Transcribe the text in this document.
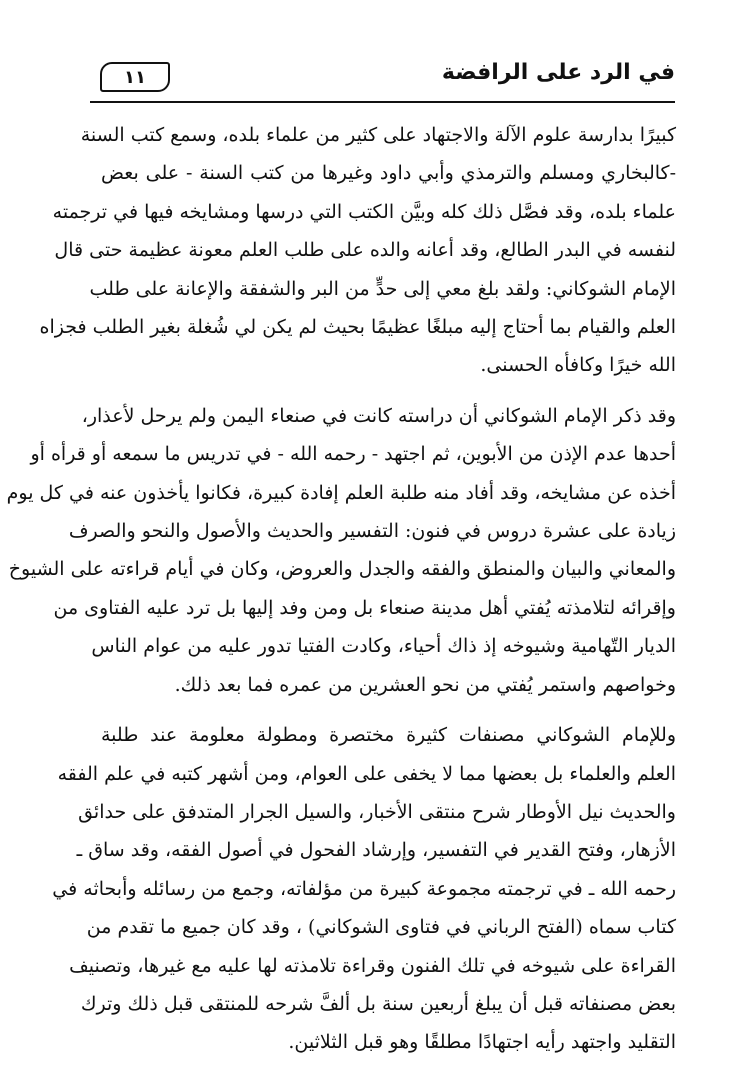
في الرد على الرافضة
١١

كبيرًا بدارسة علوم الآلة والاجتهاد على كثير من علماء بلده، وسمع كتب السنة
-كالبخاري ومسلم والترمذي وأبي داود وغيرها من كتب السنة - على بعض
علماء بلده، وقد فصَّل ذلك كله وبيَّن الكتب التي درسها ومشايخه فيها في ترجمته
لنفسه في البدر الطالع، وقد أعانه والده على طلب العلم معونة عظيمة حتى قال
الإمام الشوكاني: ولقد بلغ معي إلى حدٍّ من البر والشفقة والإعانة على طلب
العلم والقيام بما أحتاج إليه مبلغًا عظيمًا بحيث لم يكن لي شُغلة بغير الطلب فجزاه
الله خيرًا وكافأه الحسنى.

وقد ذكر الإمام الشوكاني أن دراسته كانت في صنعاء اليمن ولم يرحل لأعذار،
أحدها عدم الإذن من الأبوين، ثم اجتهد - رحمه الله - في تدريس ما سمعه أو قرأه أو
أخذه عن مشايخه، وقد أفاد منه طلبة العلم إفادة كبيرة، فكانوا يأخذون عنه في كل يوم
زيادة على عشرة دروس في فنون: التفسير والحديث والأصول والنحو والصرف
والمعاني والبيان والمنطق والفقه والجدل والعروض، وكان في أيام قراءته على الشيوخ
وإقرائه لتلامذته يُفتي أهل مدينة صنعاء بل ومن وفد إليها بل ترد عليه الفتاوى من
الديار التّهامية وشيوخه إذ ذاك أحياء، وكادت الفتيا تدور عليه من عوام الناس
وخواصهم واستمر يُفتي من نحو العشرين من عمره فما بعد ذلك.

وللإمام الشوكاني مصنفات كثيرة مختصرة ومطولة معلومة عند طلبة
العلم والعلماء بل بعضها مما لا يخفى على العوام، ومن أشهر كتبه في علم الفقه
والحديث نيل الأوطار شرح منتقى الأخبار، والسيل الجرار المتدفق على حدائق
الأزهار، وفتح القدير في التفسير، وإرشاد الفحول في أصول الفقه، وقد ساق ـ
رحمه الله ـ في ترجمته مجموعة كبيرة من مؤلفاته، وجمع من رسائله وأبحاثه في
كتاب سماه (الفتح الرباني في فتاوى الشوكاني) ، وقد كان جميع ما تقدم من
القراءة على شيوخه في تلك الفنون وقراءة تلامذته لها عليه مع غيرها، وتصنيف
بعض مصنفاته قبل أن يبلغ أربعين سنة بل ألفَّ شرحه للمنتقى قبل ذلك وترك
التقليد واجتهد رأيه اجتهادًا مطلقًا وهو قبل الثلاثين.
